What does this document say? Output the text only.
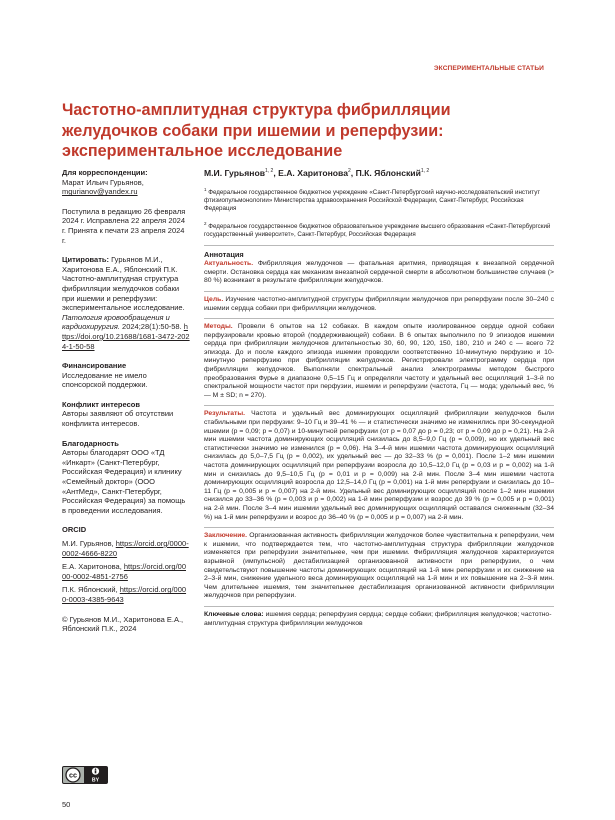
ЭКСПЕРИМЕНТАЛЬНЫЕ СТАТЬИ
Частотно-амплитудная структура фибрилляции желудочков собаки при ишемии и реперфузии: экспериментальное исследование

Для корреспонденции:

Марат Ильич Гурьянов,

mgurianov@yandex.ru

Поступила в редакцию 26 февраля 2024 г. Исправлена 22 апреля 2024 г. Принята к печати 23 апреля 2024 г.

Цитировать: Гурьянов М.И., Харитонова Е.А., Яблонский П.К. Частотно-амплитудная структура фибрилляции желудочков собаки при ишемии и реперфузии: экспериментальное исследование. Патология кровообращения и кардиохирургия. 2024;28(1):50-58. https://doi.org/10.21688/1681-3472-2024-1-50-58

Финансирование

Исследование не имело спонсорской поддержки.

Конфликт интересов

Авторы заявляют об отсутствии конфликта интересов.

Благодарность

Авторы благодарят ООО «ТД «Инкарт» (Санкт-Петербург, Российская Федерация) и клинику «Семейный доктор» (ООО «АнтМед», Санкт-Петербург, Российская Федерация) за помощь в проведении исследования.

ORCID

М.И. Гурьянов, https://orcid.org/0000-0002-4666-8220

Е.А. Харитонова, https://orcid.org/0000-0002-4851-2756

П.К. Яблонский, https://orcid.org/0000-0003-4385-9643

© Гурьянов М.И., Харитонова Е.А., Яблонский П.К., 2024

cc
BY
50

М.И. Гурьянов$^{1, 2}$, Е.А. Харитонова$^2$, П.К. Яблонский$^{1, 2}$

$^1$ Федеральное государственное бюджетное учреждение «Санкт-Петербургский научно-исследовательский институт фтизиопульмонологии» Министерства здравоохранения Российской Федерации, Санкт-Петербург, Российская Федерация

$^2$ Федеральное государственное бюджетное образовательное учреждение высшего образования «Санкт-Петербургский государственный университет», Санкт-Петербург, Российская Федерация

Аннотация

Актуальность. Фибрилляция желудочков — фатальная аритмия, приводящая к внезапной сердечной смерти. Остановка сердца как механизм внезапной сердечной смерти в абсолютном большинстве случаев (> 80 %) возникает в результате фибрилляции желудочков.

Цель. Изучение частотно-амплитудной структуры фибрилляции желудочков при реперфузии после 30–240 с ишемии сердца собаки при фибрилляции желудочков.

Методы. Провели 6 опытов на 12 собаках. В каждом опыте изолированное сердце одной собаки перфузировали кровью второй (поддерживающей) собаки. В 6 опытах выполнило по 9 эпизодов ишемии сердца при фибрилляции желудочков длительностью 30, 60, 90, 120, 150, 180, 210 и 240 с — всего 72 эпизода. До и после каждого эпизода ишемии проводили соответственно 10-минутную перфузию и 10-минутную реперфузию при фибрилляции желудочков. Регистрировали электрограмму сердца при фибрилляции желудочков. Выполняли спектральный анализ электрограммы методом быстрого преобразования Фурье в диапазоне 0,5–15 Гц и определяли частоту и удельный вес осцилляций 1–3-й по спектральной мощности частот при перфузии, ишемии и реперфузии (частота, Гц — мода; удельный вес, % — M ± SD; n = 270).

Результаты. Частота и удельный вес доминирующих осцилляций фибрилляции желудочков были стабильными при перфузии: 9–10 Гц и 39–41 % — и статистически значимо не изменились при 30-секундной ишемии (p = 0,09; p = 0,07) и 10-минутной реперфузии (от p = 0,07 до p = 0,23; от p = 0,09 до p = 0,21). На 2-й мин ишемии частота доминирующих осцилляций снизилась до 8,5–9,0 Гц (p = 0,009), но их удельный вес статистически значимо не изменился (p = 0,06). На 3–4-й мин ишемии частота доминирующих осцилляций снизилась до 5,0–7,5 Гц (p = 0,002), их удельный вес — до 32–33 % (p = 0,001). После 1–2 мин ишемии частота доминирующих осцилляций при реперфузии возросла до 10,5–12,0 Гц (p = 0,03 и p = 0,002) на 1-й мин и снизилась до 9,5–10,5 Гц (p = 0,01 и p = 0,009) на 2-й мин. После 3–4 мин ишемии частота доминирующих осцилляций возросла до 12,5–14,0 Гц (p = 0,001) на 1-й мин реперфузии и снизилась до 10–11 Гц (p = 0,005 и p = 0,007) на 2-й мин. Удельный вес доминирующих осцилляций после 1–2 мин ишемии снизился до 33–36 % (p = 0,003 и p = 0,002) на 1-й мин реперфузии и возрос до 39 % (p = 0,005 и p = 0,001) на 2-й мин. После 3–4 мин ишемии удельный вес доминирующих осцилляций оставался сниженным (32–34 %) на 1-й мин реперфузии и возрос до 36–40 % (p = 0,005 и p = 0,007) на 2-й мин.

Заключение. Организованная активность фибрилляции желудочков более чувствительна к реперфузии, чем к ишемии, что подтверждается тем, что частотно-амплитудная структура фибрилляции желудочков изменяется при реперфузии значительнее, чем при ишемии. Фибрилляция желудочков характеризуется взрывной (импульсной) дестабилизацией организованной активности при реперфузии, о чем свидетельствуют повышение частоты доминирующих осцилляций на 1-й мин реперфузии и их снижение на 2–3-й мин, снижение удельного веса доминирующих осцилляций на 1-й мин и их повышение на 2–3-й мин. Чем длительнее ишемия, тем значительнее дестабилизация организованной активности фибрилляции желудочков при реперфузии.

Ключевые слова: ишемия сердца; реперфузия сердца; сердце собаки; фибрилляция желудочков; частотно-амплитудная структура фибрилляции желудочков
